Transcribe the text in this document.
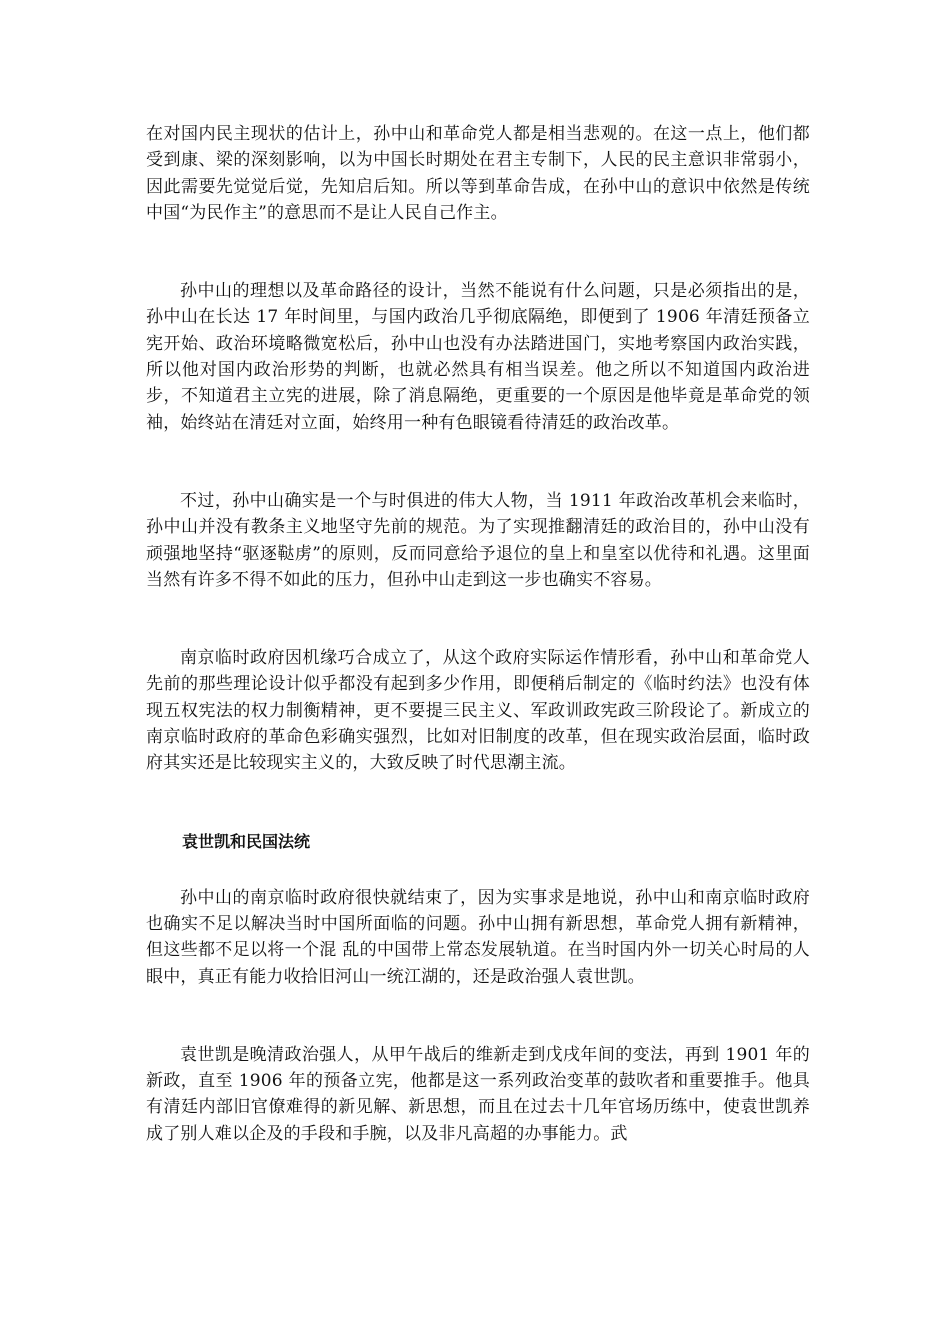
在对国内民主现状的估计上，孙中山和革命党人都是相当悲观的。在这一点上，他们都受到康、梁的深刻影响，以为中国长时期处在君主专制下，人民的民主意识非常弱小，因此需要先觉觉后觉，先知启后知。所以等到革命告成，在孙中山的意识中依然是传统中国“为民作主”的意思而不是让人民自己作主。

孙中山的理想以及革命路径的设计，当然不能说有什么问题，只是必须指出的是，孙中山在长达 17 年时间里，与国内政治几乎彻底隔绝，即便到了 1906 年清廷预备立宪开始、政治环境略微宽松后，孙中山也没有办法踏进国门，实地考察国内政治实践，所以他对国内政治形势的判断，也就必然具有相当误差。他之所以不知道国内政治进步，不知道君主立宪的进展，除了消息隔绝，更重要的一个原因是他毕竟是革命党的领袖，始终站在清廷对立面，始终用一种有色眼镜看待清廷的政治改革。

不过，孙中山确实是一个与时俱进的伟大人物，当 1911 年政治改革机会来临时，孙中山并没有教条主义地坚守先前的规范。为了实现推翻清廷的政治目的，孙中山没有顽强地坚持“驱逐鞑虏”的原则，反而同意给予退位的皇上和皇室以优待和礼遇。这里面当然有许多不得不如此的压力，但孙中山走到这一步也确实不容易。

南京临时政府因机缘巧合成立了，从这个政府实际运作情形看，孙中山和革命党人先前的那些理论设计似乎都没有起到多少作用，即便稍后制定的《临时约法》也没有体现五权宪法的权力制衡精神，更不要提三民主义、军政训政宪政三阶段论了。新成立的南京临时政府的革命色彩确实强烈，比如对旧制度的改革，但在现实政治层面，临时政府其实还是比较现实主义的，大致反映了时代思潮主流。

袁世凯和民国法统

孙中山的南京临时政府很快就结束了，因为实事求是地说，孙中山和南京临时政府也确实不足以解决当时中国所面临的问题。孙中山拥有新思想，革命党人拥有新精神，但这些都不足以将一个混 乱的中国带上常态发展轨道。在当时国内外一切关心时局的人眼中，真正有能力收拾旧河山一统江湖的，还是政治强人袁世凯。

袁世凯是晚清政治强人，从甲午战后的维新走到戊戌年间的变法，再到 1901 年的新政，直至 1906 年的预备立宪，他都是这一系列政治变革的鼓吹者和重要推手。他具有清廷内部旧官僚难得的新见解、新思想，而且在过去十几年官场历练中，使袁世凯养成了别人难以企及的手段和手腕，以及非凡高超的办事能力。武
